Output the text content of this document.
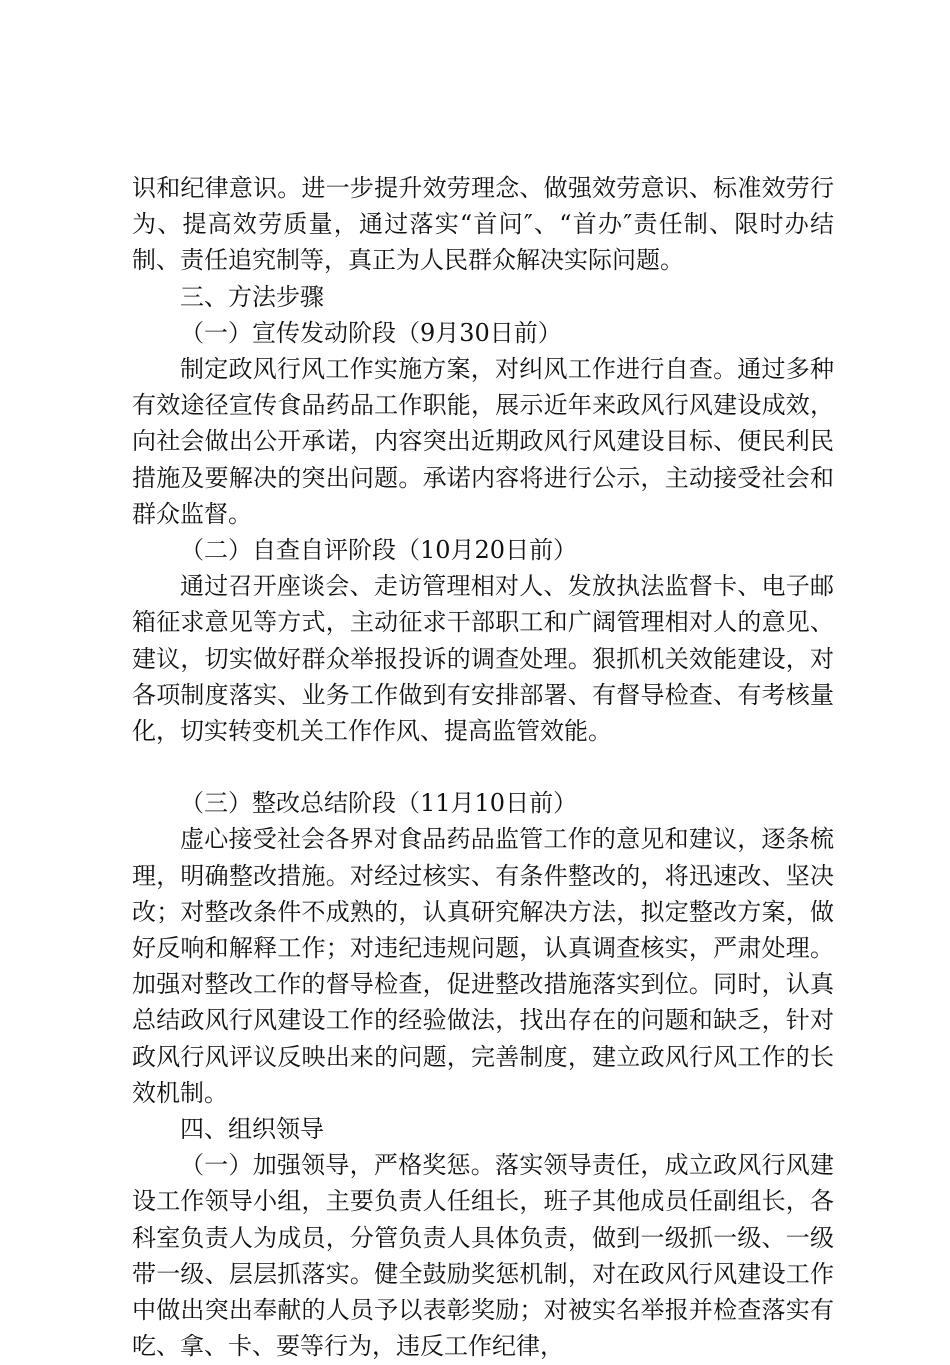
识和纪律意识。进一步提升效劳理念、做强效劳意识、标准效劳行为、提高效劳质量，通过落实“首问″、“首办″责任制、限时办结制、责任追究制等，真正为人民群众解决实际问题。

三、方法步骤

（一）宣传发动阶段（9月30日前）

制定政风行风工作实施方案，对纠风工作进行自查。通过多种有效途径宣传食品药品工作职能，展示近年来政风行风建设成效，向社会做出公开承诺，内容突出近期政风行风建设目标、便民利民措施及要解决的突出问题。承诺内容将进行公示，主动接受社会和群众监督。

（二）自查自评阶段（10月20日前）

通过召开座谈会、走访管理相对人、发放执法监督卡、电子邮箱征求意见等方式，主动征求干部职工和广阔管理相对人的意见、建议，切实做好群众举报投诉的调查处理。狠抓机关效能建设，对各项制度落实、业务工作做到有安排部署、有督导检查、有考核量化，切实转变机关工作作风、提高监管效能。

（三）整改总结阶段（11月10日前）

虚心接受社会各界对食品药品监管工作的意见和建议，逐条梳理，明确整改措施。对经过核实、有条件整改的，将迅速改、坚决改；对整改条件不成熟的，认真研究解决方法，拟定整改方案，做好反响和解释工作；对违纪违规问题，认真调查核实，严肃处理。加强对整改工作的督导检查，促进整改措施落实到位。同时，认真总结政风行风建设工作的经验做法，找出存在的问题和缺乏，针对政风行风评议反映出来的问题，完善制度，建立政风行风工作的长效机制。

四、组织领导

（一）加强领导，严格奖惩。落实领导责任，成立政风行风建设工作领导小组，主要负责人任组长，班子其他成员任副组长，各科室负责人为成员，分管负责人具体负责，做到一级抓一级、一级带一级、层层抓落实。健全鼓励奖惩机制，对在政风行风建设工作中做出突出奉献的人员予以表彰奖励；对被实名举报并检查落实有吃、拿、卡、要等行为，违反工作纪律，
